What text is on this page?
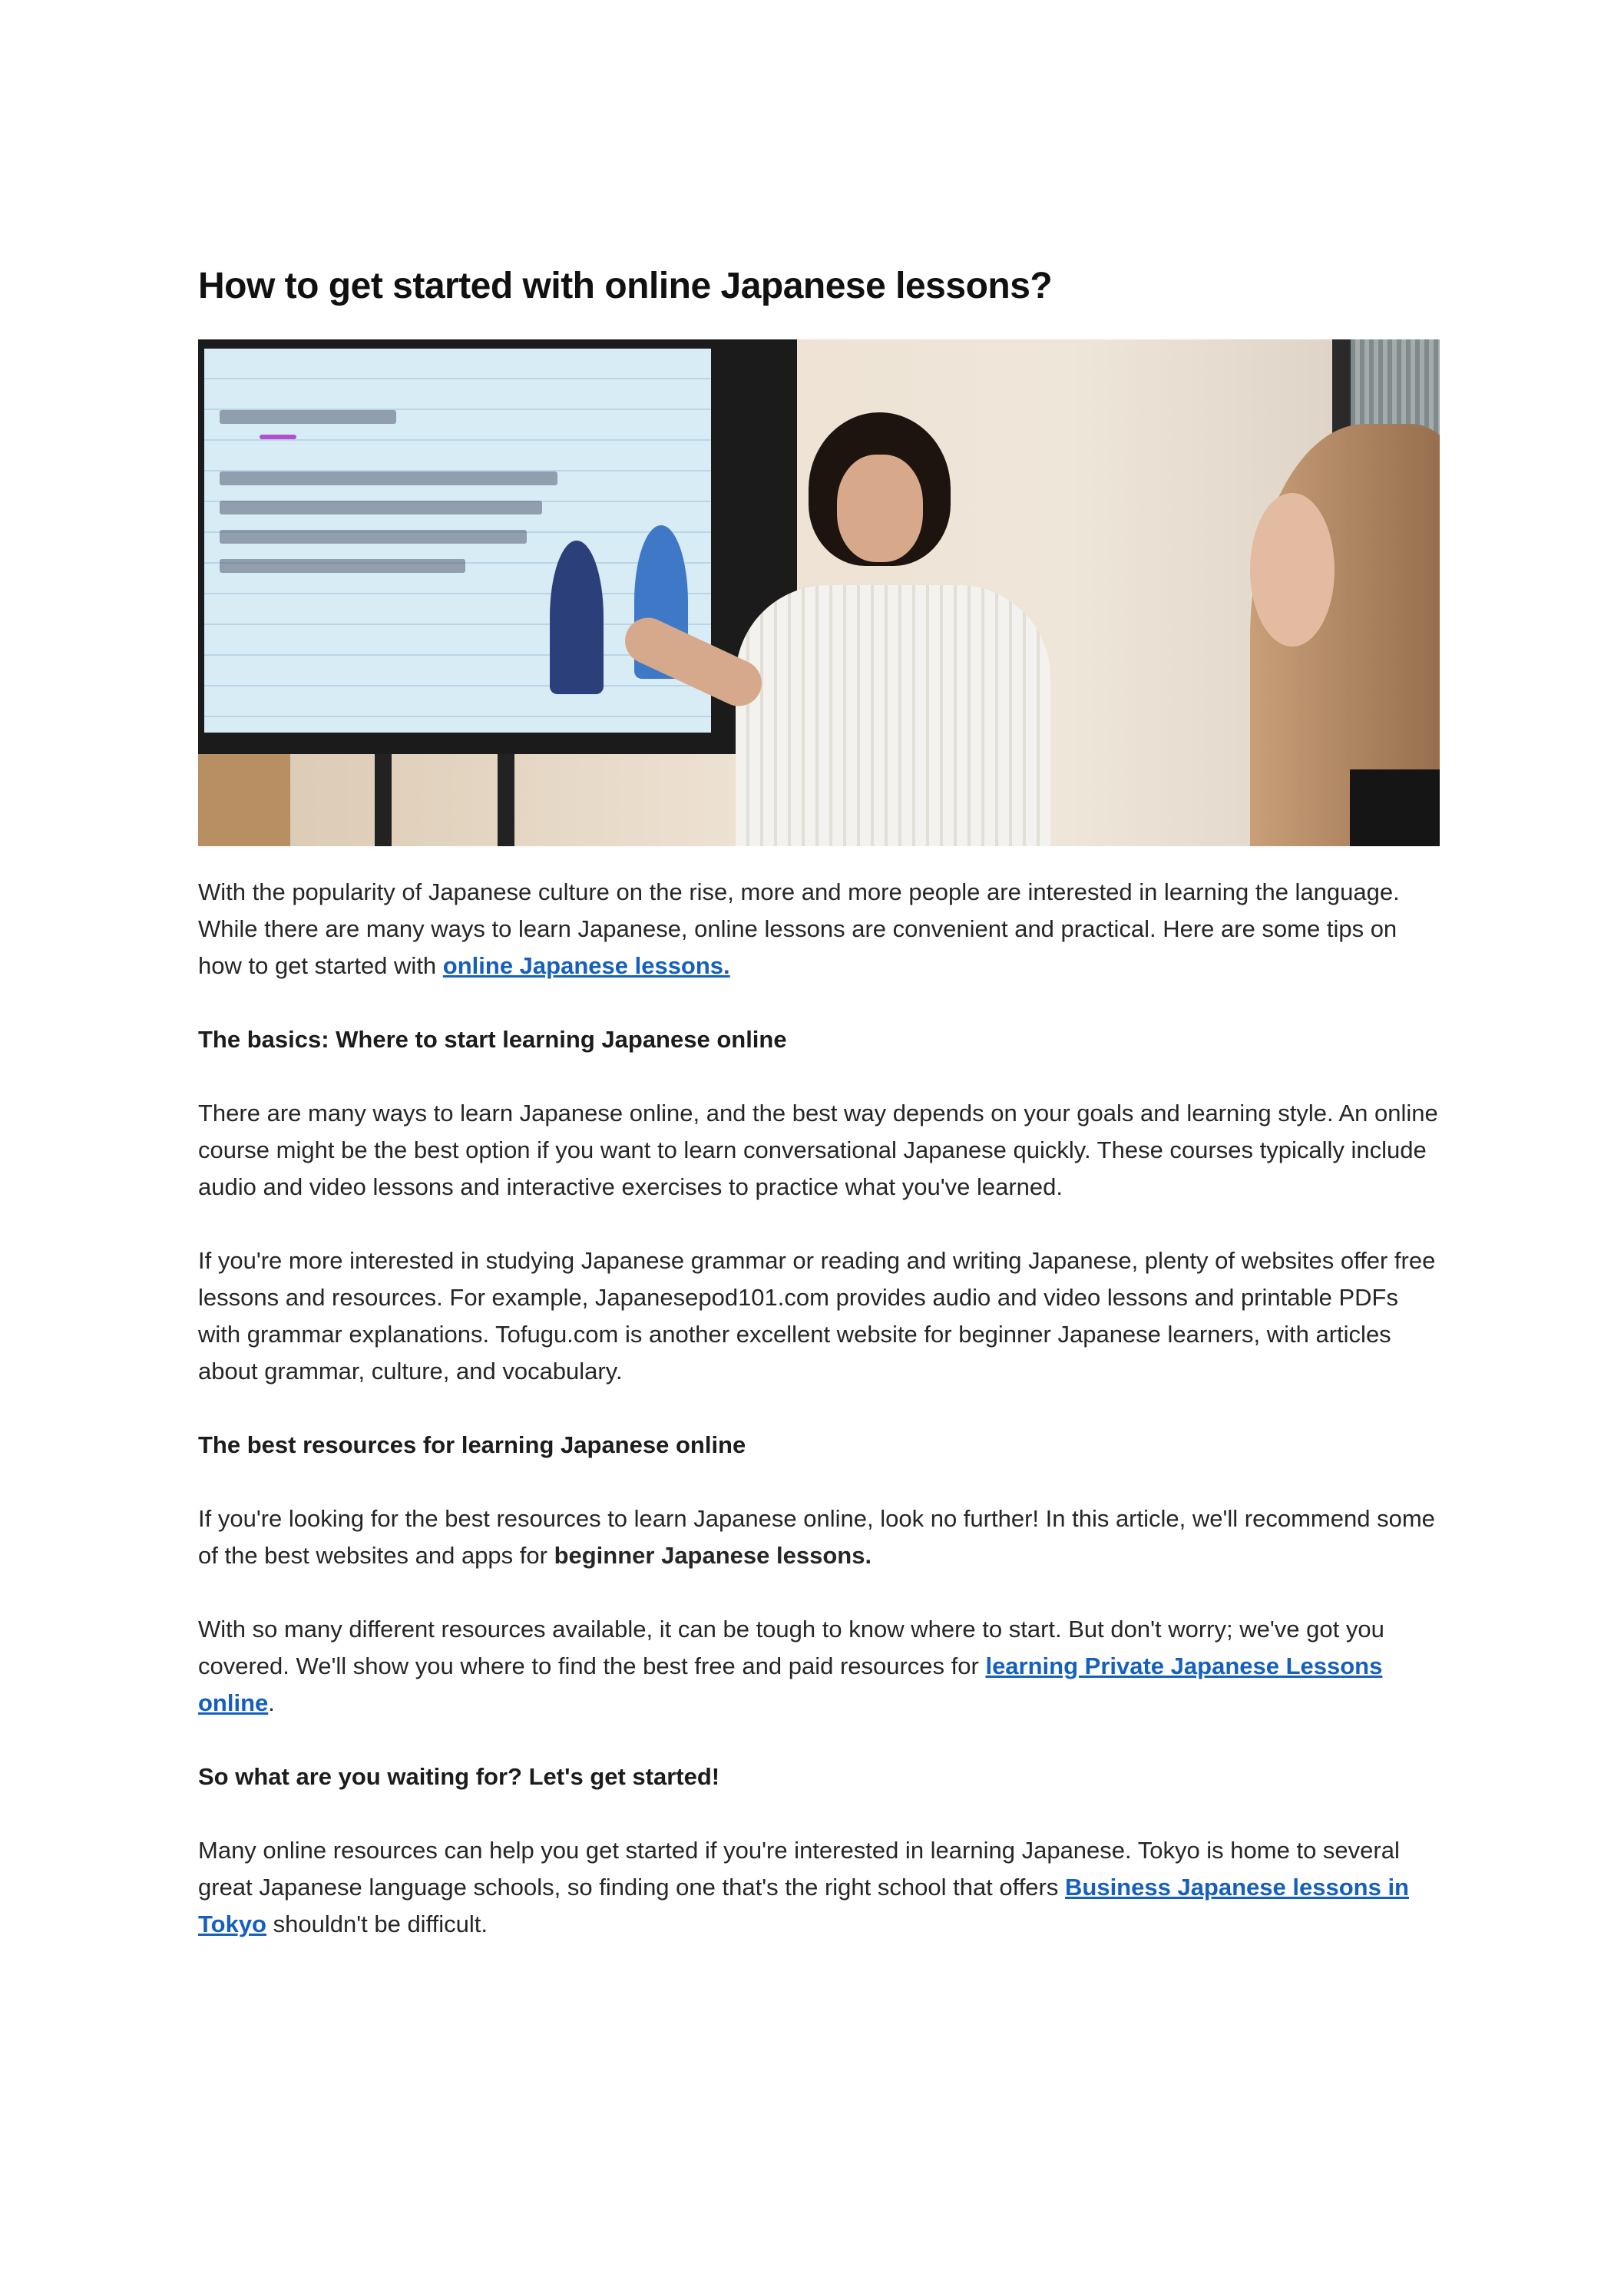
How to get started with online Japanese lessons?

With the popularity of Japanese culture on the rise, more and more people are interested in learning the language. While there are many ways to learn Japanese, online lessons are convenient and practical. Here are some tips on how to get started with online Japanese lessons.

The basics: Where to start learning Japanese online

There are many ways to learn Japanese online, and the best way depends on your goals and learning style. An online course might be the best option if you want to learn conversational Japanese quickly. These courses typically include audio and video lessons and interactive exercises to practice what you've learned.

If you're more interested in studying Japanese grammar or reading and writing Japanese, plenty of websites offer free lessons and resources. For example, Japanesepod101.com provides audio and video lessons and printable PDFs with grammar explanations. Tofugu.com is another excellent website for beginner Japanese learners, with articles about grammar, culture, and vocabulary.

The best resources for learning Japanese online

If you're looking for the best resources to learn Japanese online, look no further! In this article, we'll recommend some of the best websites and apps for beginner Japanese lessons.

With so many different resources available, it can be tough to know where to start. But don't worry; we've got you covered. We'll show you where to find the best free and paid resources for learning Private Japanese Lessons online.

So what are you waiting for? Let's get started!

Many online resources can help you get started if you're interested in learning Japanese. Tokyo is home to several great Japanese language schools, so finding one that's the right school that offers Business Japanese lessons in Tokyo shouldn't be difficult.
